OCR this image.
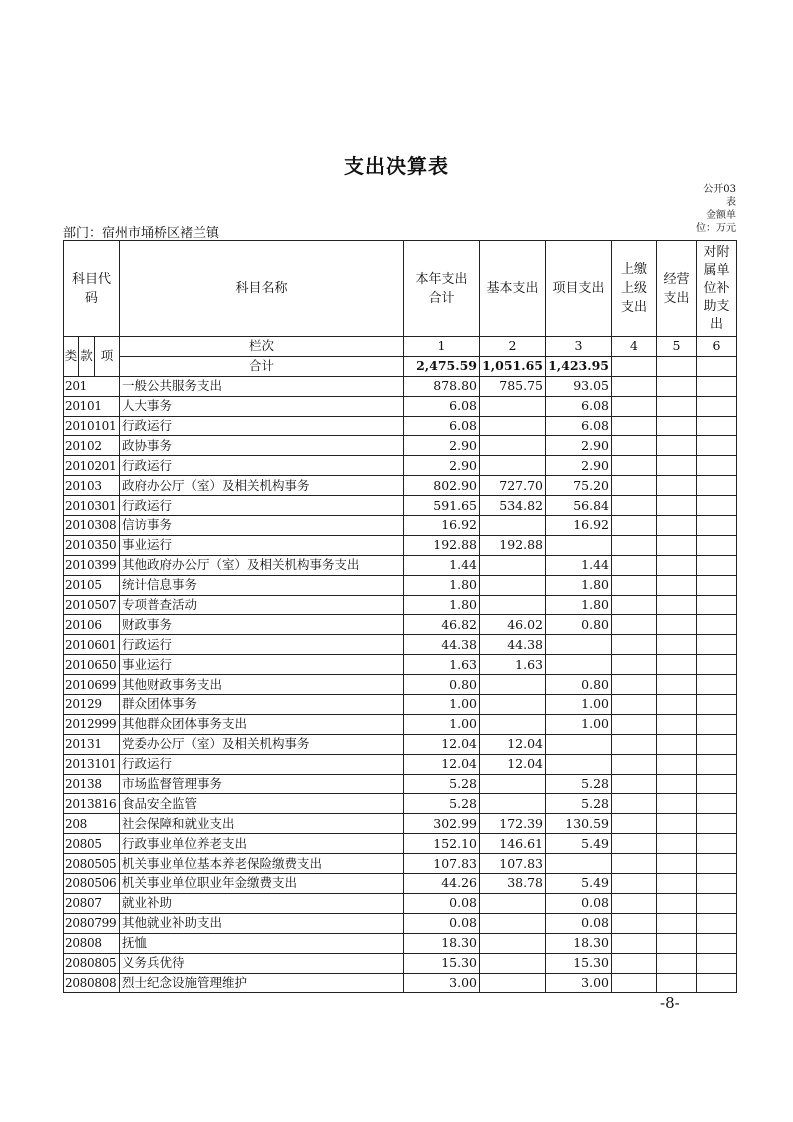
支出决算表
公开03表
金额单位：万元
部门：宿州市埇桥区褚兰镇
科目代码			科目名称	本年支出合计	基本支出	项目支出	上缴上级支出	经营支出	对附属单位补助支出
类	款	项	栏次	1	2	3	4	5	6
			合计	2,475.59	1,051.65	1,423.95			
201			一般公共服务支出	878.80	785.75	93.05			
20101			人大事务	6.08		6.08			
2010101			行政运行	6.08		6.08			
20102			政协事务	2.90		2.90			
2010201			行政运行	2.90		2.90			
20103			政府办公厅（室）及相关机构事务	802.90	727.70	75.20			
2010301			行政运行	591.65	534.82	56.84			
2010308			信访事务	16.92		16.92			
2010350			事业运行	192.88	192.88				
2010399			其他政府办公厅（室）及相关机构事务支出	1.44		1.44			
20105			统计信息事务	1.80		1.80			
2010507			专项普查活动	1.80		1.80			
20106			财政事务	46.82	46.02	0.80			
2010601			行政运行	44.38	44.38				
2010650			事业运行	1.63	1.63				
2010699			其他财政事务支出	0.80		0.80			
20129			群众团体事务	1.00		1.00			
2012999			其他群众团体事务支出	1.00		1.00			
20131			党委办公厅（室）及相关机构事务	12.04	12.04				
2013101			行政运行	12.04	12.04				
20138			市场监督管理事务	5.28		5.28			
2013816			食品安全监管	5.28		5.28			
208			社会保障和就业支出	302.99	172.39	130.59			
20805			行政事业单位养老支出	152.10	146.61	5.49			
2080505			机关事业单位基本养老保险缴费支出	107.83	107.83				
2080506			机关事业单位职业年金缴费支出	44.26	38.78	5.49			
20807			就业补助	0.08		0.08			
2080799			其他就业补助支出	0.08		0.08			
20808			抚恤	18.30		18.30			
2080805			义务兵优待	15.30		15.30			
2080808			烈士纪念设施管理维护	3.00		3.00			
-8-
